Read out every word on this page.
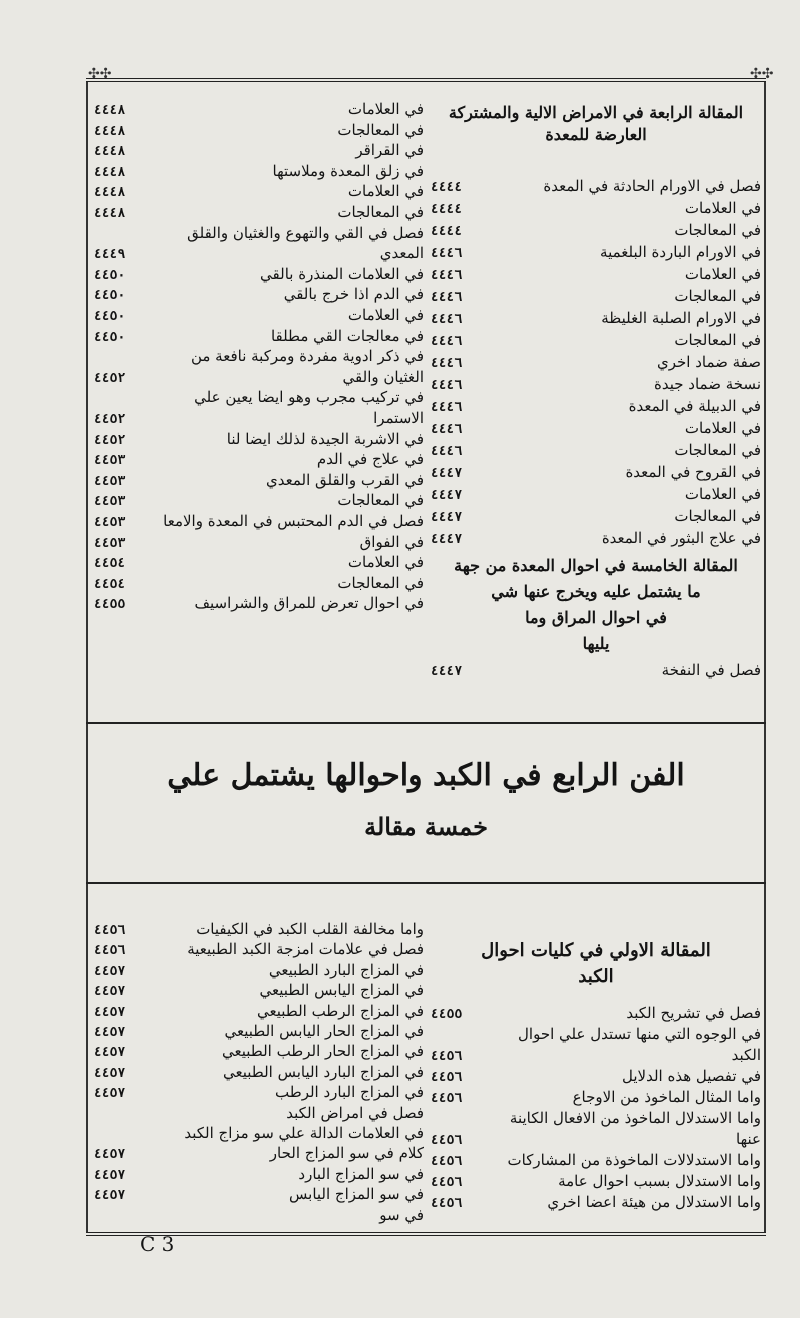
المقالة الرابعة في الامراض الالية والمشتركة العارضة للمعدة
فصل في الاورام الحادثة في المعدة
٤٤٤٤
في العلامات
٤٤٤٤
في المعالجات
٤٤٤٤
في الاورام الباردة البلغمية
٤٤٤٦
في العلامات
٤٤٤٦
في المعالجات
٤٤٤٦
في الاورام الصلبة الغليظة
٤٤٤٦
في المعالجات
٤٤٤٦
صفة ضماد اخري
٤٤٤٦
نسخة ضماد جيدة
٤٤٤٦
في الدبيلة في المعدة
٤٤٤٦
في العلامات
٤٤٤٦
في المعالجات
٤٤٤٦
في القروح في المعدة
٤٤٤٧
في العلامات
٤٤٤٧
في المعالجات
٤٤٤٧
في علاج البثور في المعدة
٤٤٤٧
المقالة الخامسة في احوال المعدة من جهة
ما يشتمل عليه ويخرج عنها شي
في احوال المراق وما
يليها
فصل في النفخة
٤٤٤٧
في العلامات
٤٤٤٨
في المعالجات
٤٤٤٨
في القراقر
٤٤٤٨
في زلق المعدة وملاستها
٤٤٤٨
في العلامات
٤٤٤٨
في المعالجات
٤٤٤٨
فصل في القي والتهوع والغثيان والقلق
المعدي
٤٤٤٩
في العلامات المنذرة بالقي
٤٤٥٠
في الدم اذا خرج بالقي
٤٤٥٠
في العلامات
٤٤٥٠
في معالجات القي مطلقا
٤٤٥٠
في ذكر ادوية مفردة ومركبة نافعة من
الغثيان والقي
٤٤٥٢
في تركيب مجرب وهو ايضا يعين علي
الاستمرا
٤٤٥٢
في الاشربة الجيدة لذلك ايضا لنا
٤٤٥٢
في علاج في الدم
٤٤٥٣
في القرب والقلق المعدي
٤٤٥٣
في المعالجات
٤٤٥٣
فصل في الدم المحتبس في المعدة والامعا
٤٤٥٣
في الفواق
٤٤٥٣
في العلامات
٤٤٥٤
في المعالجات
٤٤٥٤
في احوال تعرض للمراق والشراسيف
٤٤٥٥
الفن الرابع في الكبد واحوالها يشتمل علي
خمسة مقالة
المقالة الاولي في كليات احوال
الكبد
فصل في تشريح الكبد
٤٤٥٥
في الوجوه التي منها تستدل علي احوال
الكبد
٤٤٥٦
في تفصيل هذه الدلايل
٤٤٥٦
واما المثال الماخوذ من الاوجاع
٤٤٥٦
واما الاستدلال الماخوذ من الافعال الكاينة
عنها
٤٤٥٦
واما الاستدلالات الماخوذة من المشاركات
٤٤٥٦
واما الاستدلال بسبب احوال عامة
٤٤٥٦
واما الاستدلال من هيئة اعضا اخري
٤٤٥٦
واما مخالفة القلب الكبد في الكيفيات
٤٤٥٦
فصل في علامات امزجة الكبد الطبيعية
٤٤٥٦
في المزاج البارد الطبيعي
٤٤٥٧
في المزاج اليابس الطبيعي
٤٤٥٧
في المزاج الرطب الطبيعي
٤٤٥٧
في المزاج الحار اليابس الطبيعي
٤٤٥٧
في المزاج الحار الرطب الطبيعي
٤٤٥٧
في المزاج البارد اليابس الطبيعي
٤٤٥٧
في المزاج البارد الرطب
٤٤٥٧
فصل في امراض الكبد
في العلامات الدالة علي سو مزاج الكبد
كلام في سو المزاج الحار
٤٤٥٧
في سو المزاج البارد
٤٤٥٧
في سو المزاج اليابس
٤٤٥٧
في سو
✣✣	✣✣
C 3
